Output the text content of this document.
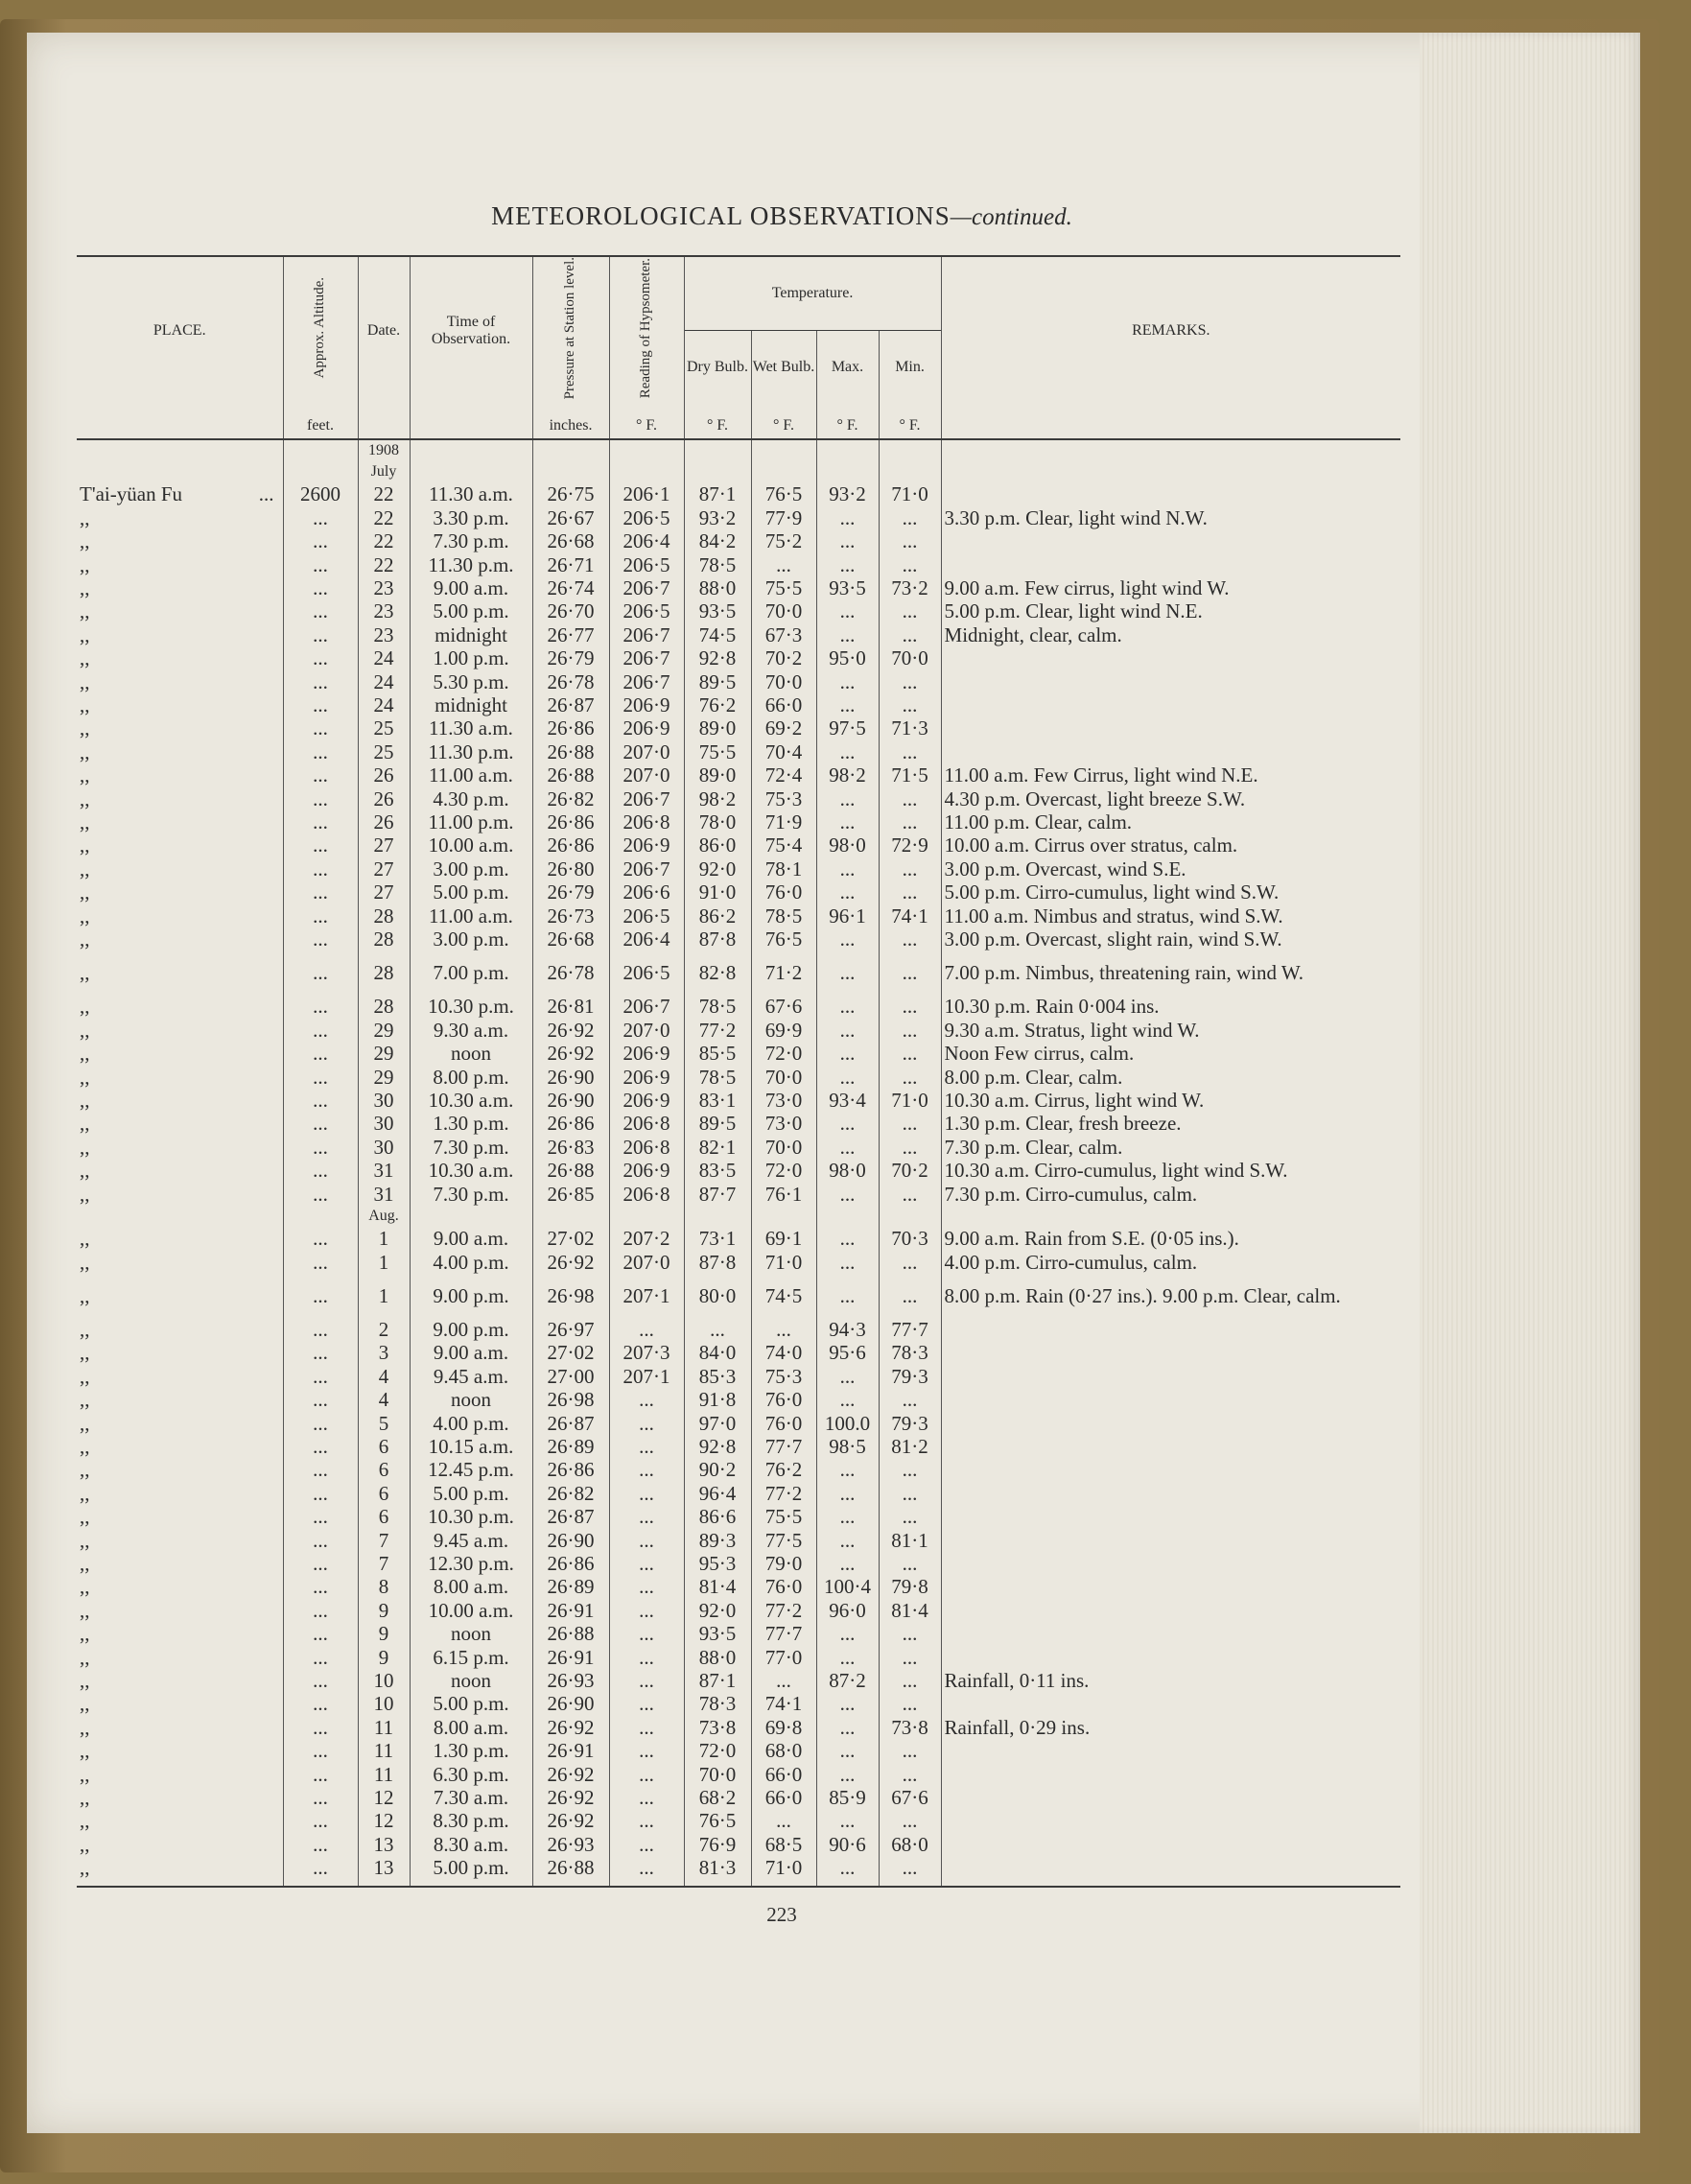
METEOROLOGICAL OBSERVATIONS—continued.
PLACE.	Approx. Altitude.	Date.	Time of Observation.	Pressure at Station level.	Reading of Hypsometer.	Temperature.				REMARKS.
						Dry Bulb.	Wet Bulb.	Max.	Min.	
	feet.			inches.	° F.	° F.	° F.	° F.	° F.	
		1908								
		July								
T'ai-yüan Fu ...	2600	22	11.30 a.m.	26·75	206·1	87·1	76·5	93·2	71·0	
,,	...	22	3.30 p.m.	26·67	206·5	93·2	77·9	...	...	3.30 p.m. Clear, light wind N.W.
,,	...	22	7.30 p.m.	26·68	206·4	84·2	75·2	...	...	
,,	...	22	11.30 p.m.	26·71	206·5	78·5	...	...	...	
,,	...	23	9.00 a.m.	26·74	206·7	88·0	75·5	93·5	73·2	9.00 a.m. Few cirrus, light wind W.
,,	...	23	5.00 p.m.	26·70	206·5	93·5	70·0	...	...	5.00 p.m. Clear, light wind N.E.
,,	...	23	midnight	26·77	206·7	74·5	67·3	...	...	Midnight, clear, calm.
,,	...	24	1.00 p.m.	26·79	206·7	92·8	70·2	95·0	70·0	
,,	...	24	5.30 p.m.	26·78	206·7	89·5	70·0	...	...	
,,	...	24	midnight	26·87	206·9	76·2	66·0	...	...	
,,	...	25	11.30 a.m.	26·86	206·9	89·0	69·2	97·5	71·3	
,,	...	25	11.30 p.m.	26·88	207·0	75·5	70·4	...	...	
,,	...	26	11.00 a.m.	26·88	207·0	89·0	72·4	98·2	71·5	11.00 a.m. Few Cirrus, light wind N.E.
,,	...	26	4.30 p.m.	26·82	206·7	98·2	75·3	...	...	4.30 p.m. Overcast, light breeze S.W.
,,	...	26	11.00 p.m.	26·86	206·8	78·0	71·9	...	...	11.00 p.m. Clear, calm.
,,	...	27	10.00 a.m.	26·86	206·9	86·0	75·4	98·0	72·9	10.00 a.m. Cirrus over stratus, calm.
,,	...	27	3.00 p.m.	26·80	206·7	92·0	78·1	...	...	3.00 p.m. Overcast, wind S.E.
,,	...	27	5.00 p.m.	26·79	206·6	91·0	76·0	...	...	5.00 p.m. Cirro-cumulus, light wind S.W.
,,	...	28	11.00 a.m.	26·73	206·5	86·2	78·5	96·1	74·1	11.00 a.m. Nimbus and stratus, wind S.W.
,,	...	28	3.00 p.m.	26·68	206·4	87·8	76·5	...	...	3.00 p.m. Overcast, slight rain, wind S.W.
,,	...	28	7.00 p.m.	26·78	206·5	82·8	71·2	...	...	7.00 p.m. Nimbus, threatening rain, wind W.
,,	...	28	10.30 p.m.	26·81	206·7	78·5	67·6	...	...	10.30 p.m. Rain 0·004 ins.
,,	...	29	9.30 a.m.	26·92	207·0	77·2	69·9	...	...	9.30 a.m. Stratus, light wind W.
,,	...	29	noon	26·92	206·9	85·5	72·0	...	...	Noon Few cirrus, calm.
,,	...	29	8.00 p.m.	26·90	206·9	78·5	70·0	...	...	8.00 p.m. Clear, calm.
,,	...	30	10.30 a.m.	26·90	206·9	83·1	73·0	93·4	71·0	10.30 a.m. Cirrus, light wind W.
,,	...	30	1.30 p.m.	26·86	206·8	89·5	73·0	...	...	1.30 p.m. Clear, fresh breeze.
,,	...	30	7.30 p.m.	26·83	206·8	82·1	70·0	...	...	7.30 p.m. Clear, calm.
,,	...	31	10.30 a.m.	26·88	206·9	83·5	72·0	98·0	70·2	10.30 a.m. Cirro-cumulus, light wind S.W.
,,	...	31	7.30 p.m.	26·85	206·8	87·7	76·1	...	...	7.30 p.m. Cirro-cumulus, calm.
		Aug.								
,,	...	1	9.00 a.m.	27·02	207·2	73·1	69·1	...	70·3	9.00 a.m. Rain from S.E. (0·05 ins.).
,,	...	1	4.00 p.m.	26·92	207·0	87·8	71·0	...	...	4.00 p.m. Cirro-cumulus, calm.
,,	...	1	9.00 p.m.	26·98	207·1	80·0	74·5	...	...	8.00 p.m. Rain (0·27 ins.). 9.00 p.m. Clear, calm.
,,	...	2	9.00 p.m.	26·97	...	...	...	94·3	77·7	
,,	...	3	9.00 a.m.	27·02	207·3	84·0	74·0	95·6	78·3	
,,	...	4	9.45 a.m.	27·00	207·1	85·3	75·3	...	79·3	
,,	...	4	noon	26·98	...	91·8	76·0	...	...	
,,	...	5	4.00 p.m.	26·87	...	97·0	76·0	100.0	79·3	
,,	...	6	10.15 a.m.	26·89	...	92·8	77·7	98·5	81·2	
,,	...	6	12.45 p.m.	26·86	...	90·2	76·2	...	...	
,,	...	6	5.00 p.m.	26·82	...	96·4	77·2	...	...	
,,	...	6	10.30 p.m.	26·87	...	86·6	75·5	...	...	
,,	...	7	9.45 a.m.	26·90	...	89·3	77·5	...	81·1	
,,	...	7	12.30 p.m.	26·86	...	95·3	79·0	...	...	
,,	...	8	8.00 a.m.	26·89	...	81·4	76·0	100·4	79·8	
,,	...	9	10.00 a.m.	26·91	...	92·0	77·2	96·0	81·4	
,,	...	9	noon	26·88	...	93·5	77·7	...	...	
,,	...	9	6.15 p.m.	26·91	...	88·0	77·0	...	...	
,,	...	10	noon	26·93	...	87·1	...	87·2	...	Rainfall, 0·11 ins.
,,	...	10	5.00 p.m.	26·90	...	78·3	74·1	...	...	
,,	...	11	8.00 a.m.	26·92	...	73·8	69·8	...	73·8	Rainfall, 0·29 ins.
,,	...	11	1.30 p.m.	26·91	...	72·0	68·0	...	...	
,,	...	11	6.30 p.m.	26·92	...	70·0	66·0	...	...	
,,	...	12	7.30 a.m.	26·92	...	68·2	66·0	85·9	67·6	
,,	...	12	8.30 p.m.	26·92	...	76·5	...	...	...	
,,	...	13	8.30 a.m.	26·93	...	76·9	68·5	90·6	68·0	
,,	...	13	5.00 p.m.	26·88	...	81·3	71·0	...	...	
223
